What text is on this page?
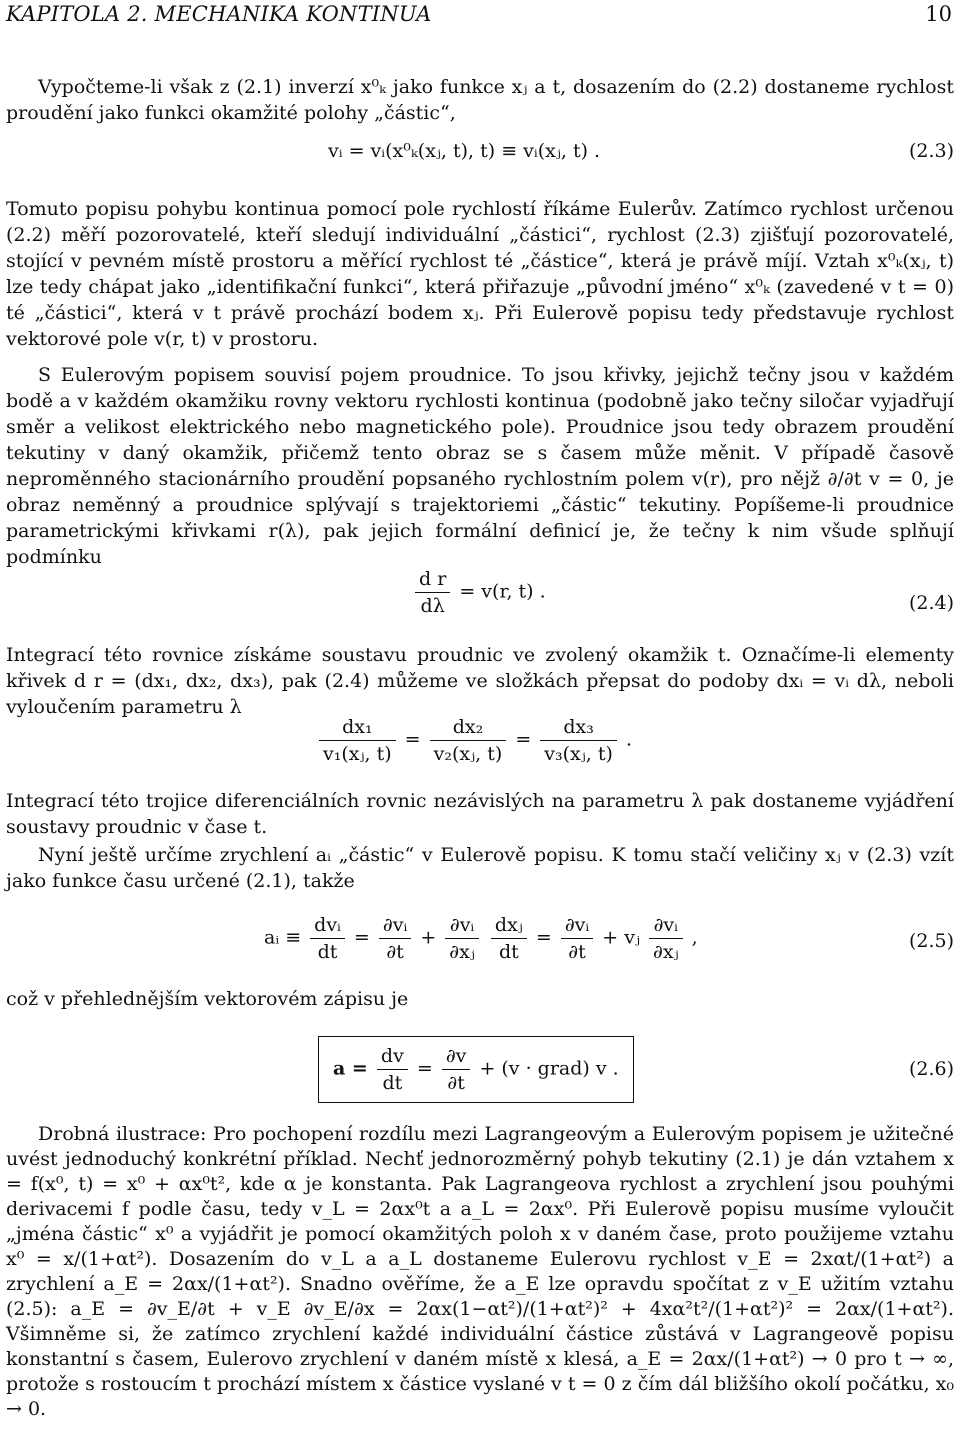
KAPITOLA 2. MECHANIKA KONTINUA	10
Vypočteme-li však z (2.1) inverzí x⁰ₖ jako funkce xⱼ a t, dosazením do (2.2) dostaneme rychlost proudění jako funkci okamžité polohy „částic“,
vᵢ = vᵢ(x⁰ₖ(xⱼ, t), t) ≡ vᵢ(xⱼ, t) .	(2.3)
Tomuto popisu pohybu kontinua pomocí pole rychlostí říkáme Eulerův. Zatímco rychlost určenou (2.2) měří pozorovatelé, kteří sledují individuální „částici“, rychlost (2.3) zjišťují pozorovatelé, stojící v pevném místě prostoru a měřící rychlost té „částice“, která je právě míjí. Vztah x⁰ₖ(xⱼ, t) lze tedy chápat jako „identifikační funkci“, která přiřazuje „původní jméno“ x⁰ₖ (zavedené v t = 0) té „částici“, která v t právě prochází bodem xⱼ. Při Eulerově popisu tedy představuje rychlost vektorové pole v(r, t) v prostoru.
S Eulerovým popisem souvisí pojem proudnice. To jsou křivky, jejichž tečny jsou v každém bodě a v každém okamžiku rovny vektoru rychlosti kontinua (podobně jako tečny siločar vyjadřují směr a velikost elektrického nebo magnetického pole). Proudnice jsou tedy obrazem proudění tekutiny v daný okamžik, přičemž tento obraz se s časem může měnit. V případě časově neproměnného stacionárního proudění popsaného rychlostním polem v(r), pro nějž ∂/∂t v = 0, je obraz neměnný a proudnice splývají s trajektoriemi „částic“ tekutiny. Popíšeme-li proudnice parametrickými křivkami r(λ), pak jejich formální definicí je, že tečny k nim všude splňují podmínku
$\frac{\text{d r}}{d\lambda} = v(r$, t) .
(2.4)
Integrací této rovnice získáme soustavu proudnic ve zvolený okamžik t. Označíme-li elementy křivek d r = (dx₁, dx₂, dx₃), pak (2.4) můžeme ve složkách přepsat do podoby dxᵢ = vᵢ dλ, neboli vyloučením parametru λ
$\frac{\text{dx₁}}{\text{v₁(xⱼ, t)}} = \frac{\text{dx₂}}{\text{v₂(xⱼ, t)}} = \frac{\text{dx₃}}{\text{v₃(xⱼ, t)}}$ .
Integrací této trojice diferenciálních rovnic nezávislých na parametru λ pak dostaneme vyjádření soustavy proudnic v čase t.
Nyní ještě určíme zrychlení aᵢ „částic“ v Eulerově popisu. K tomu stačí veličiny xⱼ v (2.3) vzít jako funkce času určené (2.1), takže
aᵢ ≡ $\frac{\text{dvᵢ}}{dt} = \frac{\text{∂vᵢ}}{\partial t} + \frac{\text{∂vᵢ}}{\text{∂xⱼ}}$
$\frac{\text{dxⱼ}}{dt} = \frac{\text{∂vᵢ}}{\partial t}$ + vⱼ $\frac{\text{∂vᵢ}}{\text{∂xⱼ}}$ ,	(2.5)
což v přehlednějším vektorovém zápisu je
$a = \frac{dv}{dt} = \frac{\partial v}{\partial t} + (v$ · grad) v .	(2.6)
Drobná ilustrace: Pro pochopení rozdílu mezi Lagrangeovým a Eulerovým popisem je užitečné uvést jednoduchý konkrétní příklad. Nechť jednorozměrný pohyb tekutiny (2.1) je dán vztahem x = f(x⁰, t) = x⁰ + αx⁰t², kde α je konstanta. Pak Lagrangeova rychlost a zrychlení jsou pouhými derivacemi f podle času, tedy v_L = 2αx⁰t a a_L = 2αx⁰. Při Eulerově popisu musíme vyloučit „jména částic“ x⁰ a vyjádřit je pomocí okamžitých poloh x v daném čase, proto použijeme vztahu x⁰ = x/(1+αt²). Dosazením do v_L a a_L dostaneme Eulerovu rychlost v_E = 2xαt/(1+αt²) a zrychlení a_E = 2αx/(1+αt²). Snadno ověříme, že a_E lze opravdu spočítat z v_E užitím vztahu (2.5): a_E = ∂v_E/∂t + v_E ∂v_E/∂x = 2αx(1−αt²)/(1+αt²)² + 4xα²t²/(1+αt²)² = 2αx/(1+αt²). Všimněme si, že zatímco zrychlení každé individuální částice zůstává v Lagrangeově popisu konstantní s časem, Eulerovo zrychlení v daném místě x klesá, a_E = 2αx/(1+αt²) → 0 pro t → ∞, protože s rostoucím t prochází místem x částice vyslané v t = 0 z čím dál bližšího okolí počátku, x₀ → 0.
